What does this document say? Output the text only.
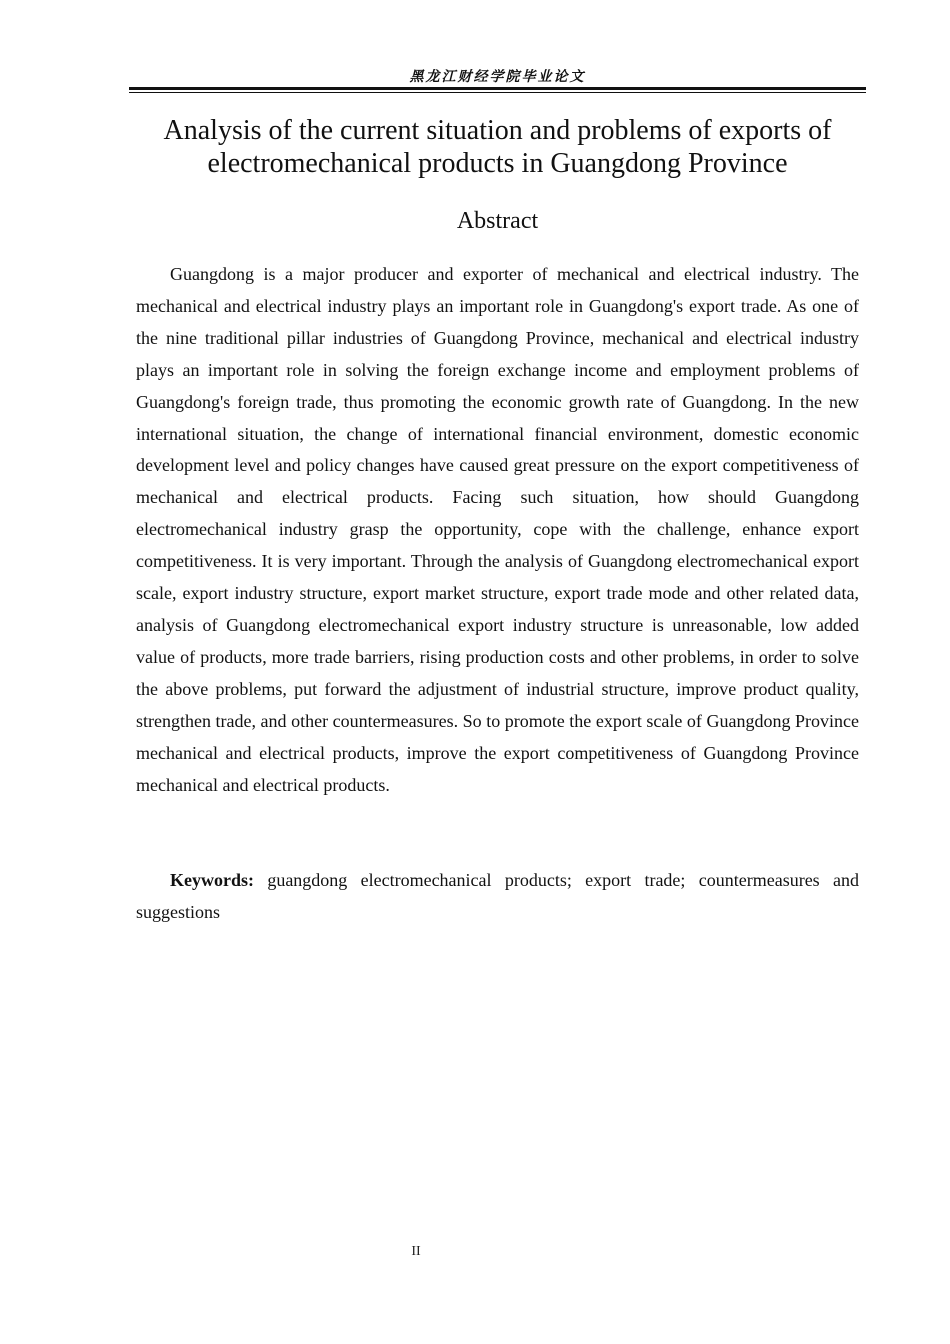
黑龙江财经学院毕业论文
Analysis of the current situation and problems of exports of electromechanical products in Guangdong Province
Abstract

Guangdong is a major producer and exporter of mechanical and electrical industry. The mechanical and electrical industry plays an important role in Guangdong's export trade. As one of the nine traditional pillar industries of Guangdong Province, mechanical and electrical industry plays an important role in solving the foreign exchange income and employment problems of Guangdong's foreign trade, thus promoting the economic growth rate of Guangdong. In the new international situation, the change of international financial environment, domestic economic development level and policy changes have caused great pressure on the export competitiveness of mechanical and electrical products. Facing such situation, how should Guangdong electromechanical industry grasp the opportunity, cope with the challenge, enhance export competitiveness. It is very important. Through the analysis of Guangdong electromechanical export scale, export industry structure, export market structure, export trade mode and other related data, analysis of Guangdong electromechanical export industry structure is unreasonable, low added value of products, more trade barriers, rising production costs and other problems, in order to solve the above problems, put forward the adjustment of industrial structure, improve product quality, strengthen trade, and other countermeasures. So to promote the export scale of Guangdong Province mechanical and electrical products, improve the export competitiveness of Guangdong Province mechanical and electrical products.

Keywords: guangdong electromechanical products; export trade; countermeasures and suggestions

II
